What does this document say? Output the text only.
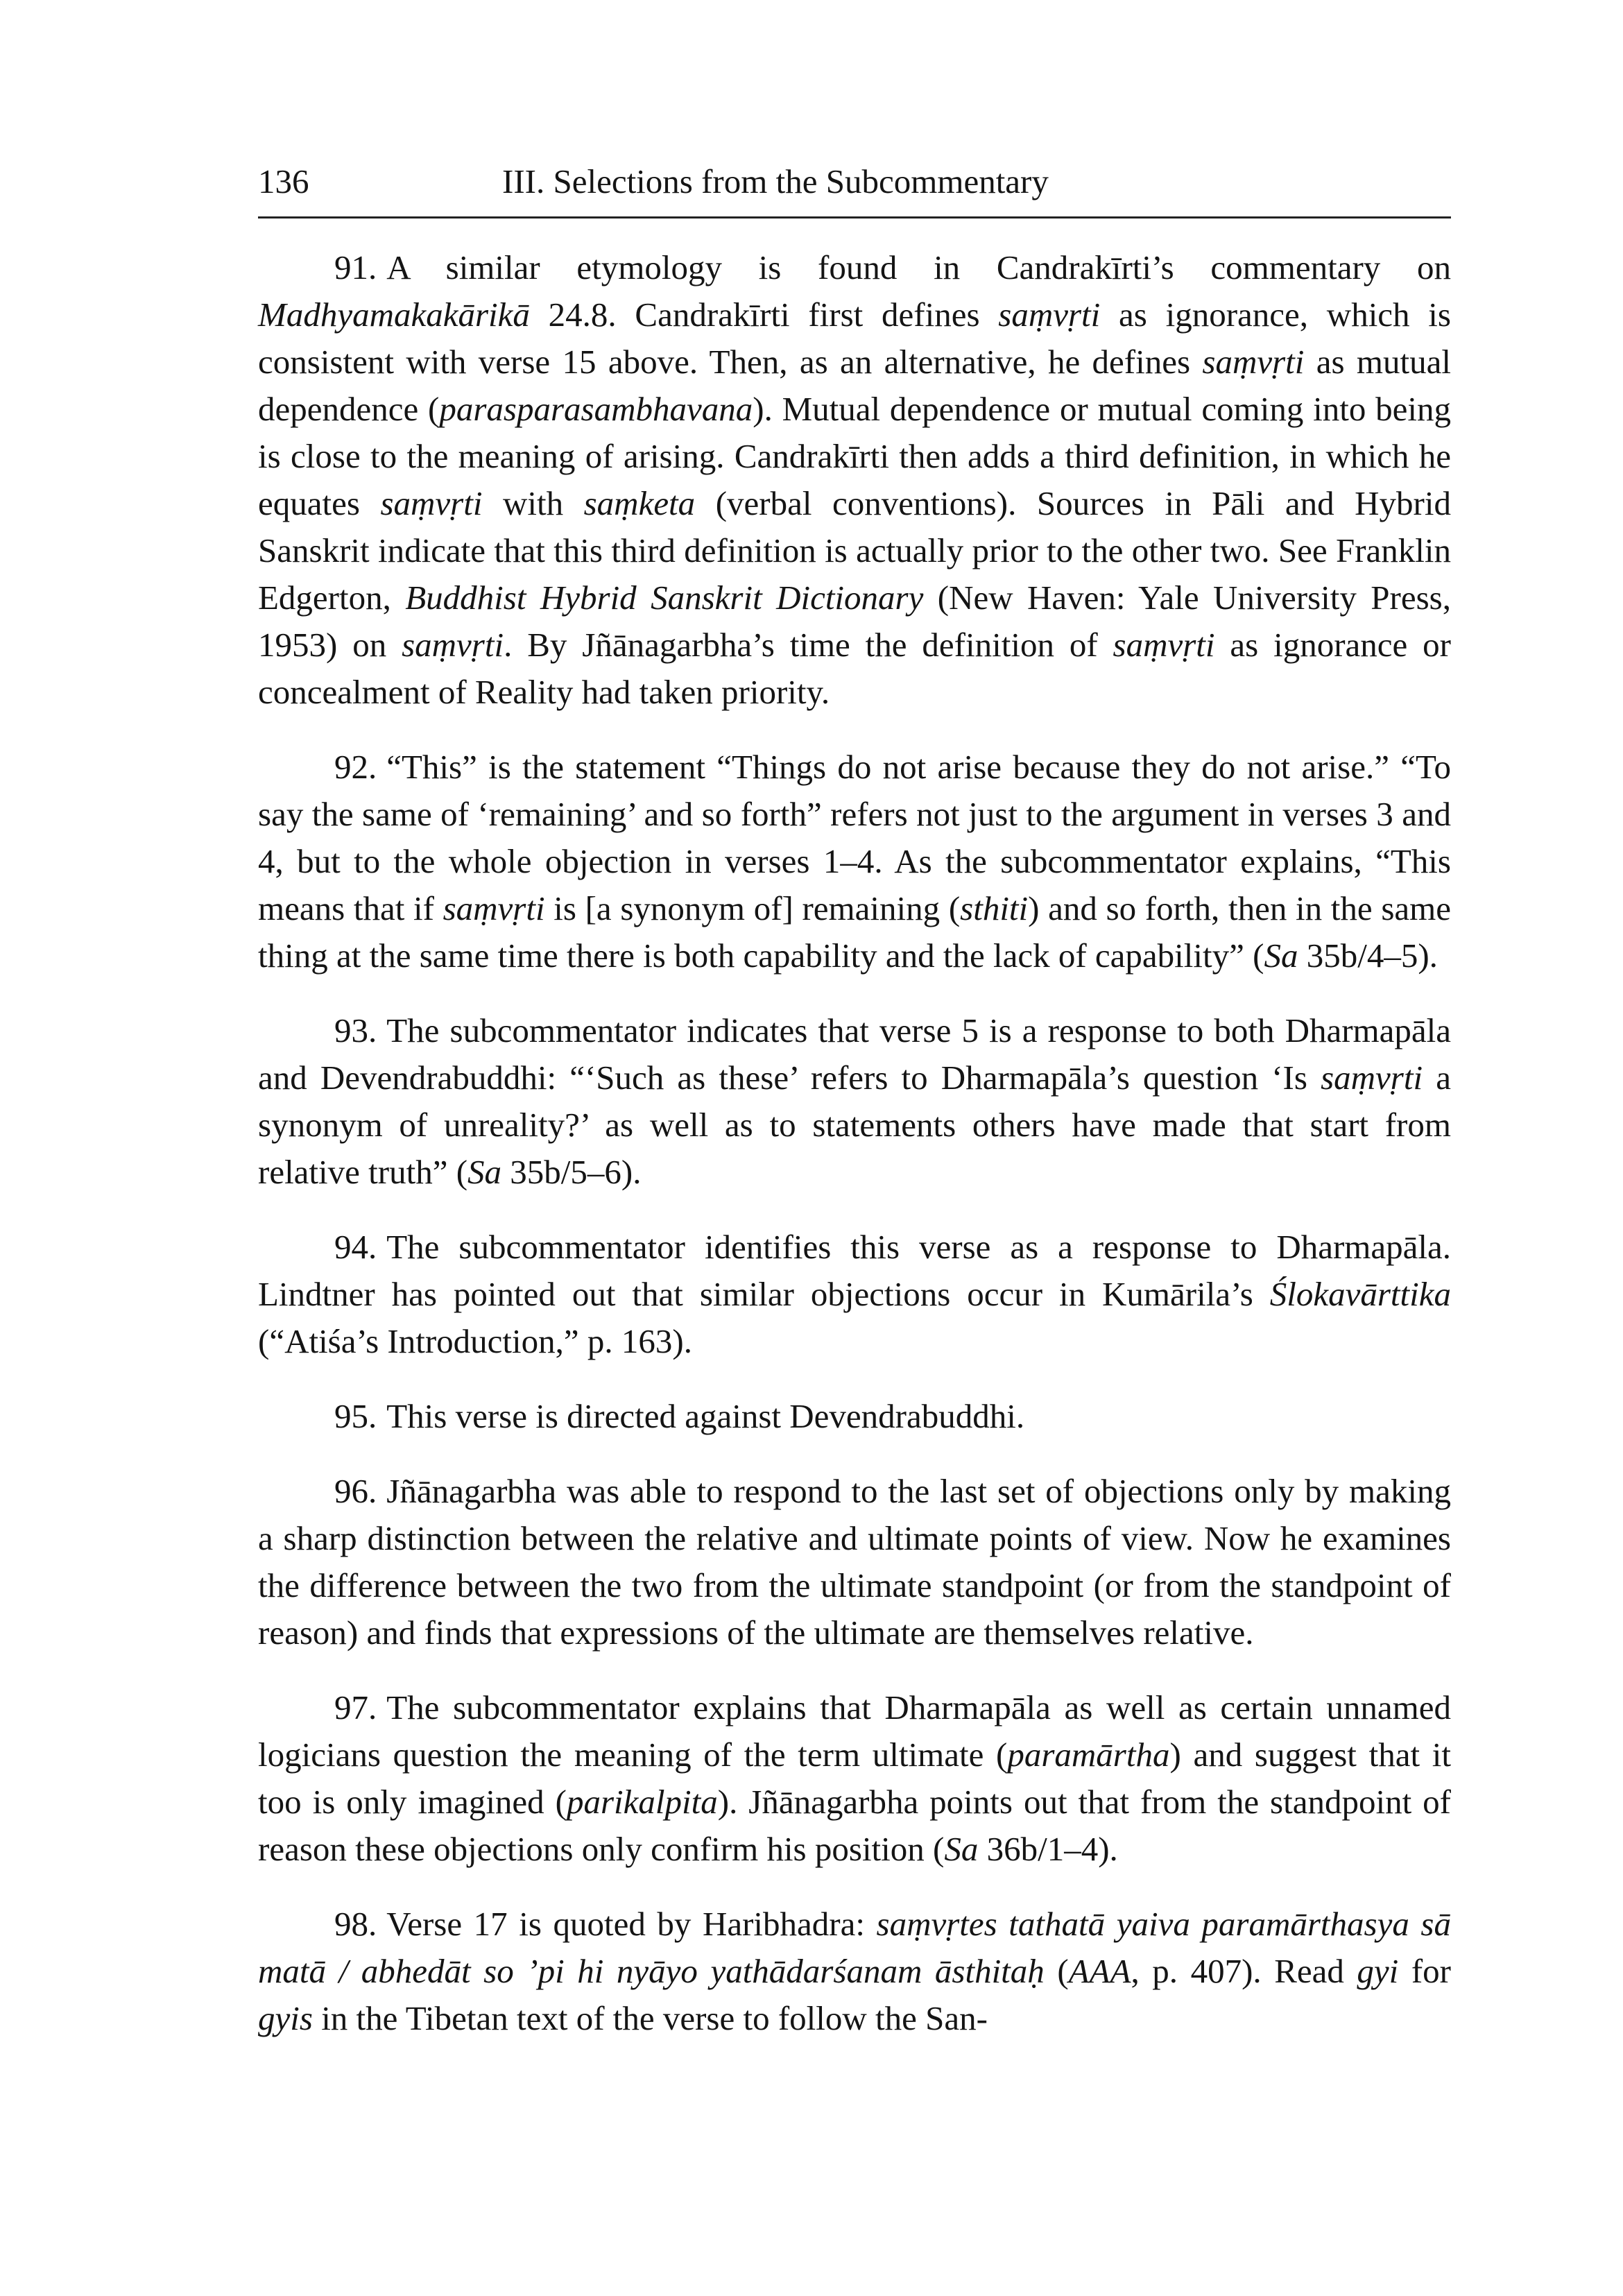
136	III. Selections from the Subcommentary

91. A similar etymology is found in Candrakīrti’s commentary on Madhyamakakārikā 24.8. Candrakīrti first defines saṃvṛti as ignorance, which is consistent with verse 15 above. Then, as an alternative, he defines saṃvṛti as mutual dependence (parasparasambhavana). Mutual dependence or mutual coming into being is close to the meaning of arising. Candrakīrti then adds a third definition, in which he equates saṃvṛti with saṃketa (verbal conventions). Sources in Pāli and Hybrid Sanskrit indicate that this third definition is actually prior to the other two. See Franklin Edgerton, Buddhist Hybrid Sanskrit Dictionary (New Haven: Yale University Press, 1953) on saṃvṛti. By Jñānagarbha’s time the definition of saṃvṛti as ignorance or concealment of Reality had taken priority.

92. “This” is the statement “Things do not arise because they do not arise.” “To say the same of ‘remaining’ and so forth” refers not just to the argument in verses 3 and 4, but to the whole objection in verses 1–4. As the subcommentator explains, “This means that if saṃvṛti is [a synonym of] remaining (sthiti) and so forth, then in the same thing at the same time there is both capability and the lack of capability” (Sa 35b/4–5).

93. The subcommentator indicates that verse 5 is a response to both Dharmapāla and Devendrabuddhi: “‘Such as these’ refers to Dharmapāla’s question ‘Is saṃvṛti a synonym of unreality?’ as well as to statements others have made that start from relative truth” (Sa 35b/5–6).

94. The subcommentator identifies this verse as a response to Dharmapāla. Lindtner has pointed out that similar objections occur in Kumārila’s Ślokavārttika (“Atiśa’s Introduction,” p. 163).

95. This verse is directed against Devendrabuddhi.

96. Jñānagarbha was able to respond to the last set of objections only by making a sharp distinction between the relative and ultimate points of view. Now he examines the difference between the two from the ultimate standpoint (or from the standpoint of reason) and finds that expressions of the ultimate are themselves relative.

97. The subcommentator explains that Dharmapāla as well as certain unnamed logicians question the meaning of the term ultimate (paramārtha) and suggest that it too is only imagined (parikalpita). Jñānagarbha points out that from the standpoint of reason these objections only confirm his position (Sa 36b/1–4).

98. Verse 17 is quoted by Haribhadra: saṃvṛtes tathatā yaiva paramārthasya sā matā / abhedāt so ’pi hi nyāyo yathādarśanam āsthitaḥ (AAA, p. 407). Read gyi for gyis in the Tibetan text of the verse to follow the San-
